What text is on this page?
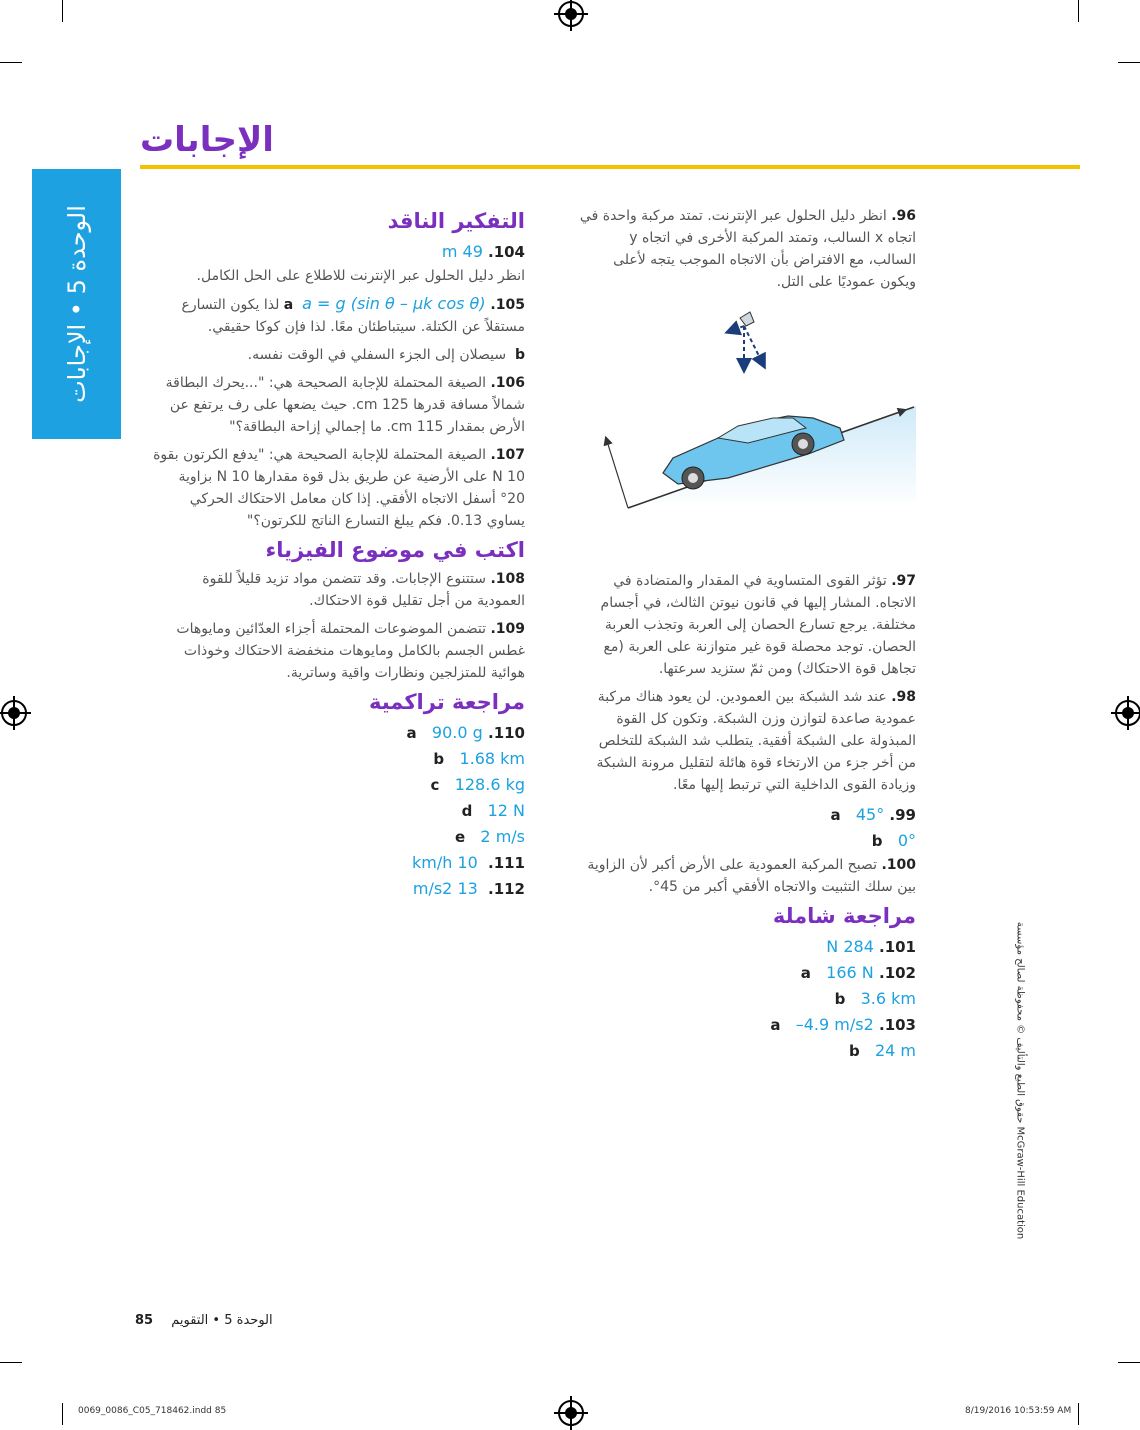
الإجابات
الوحدة 5 • الإجابات	96. انظر دليل الحلول عبر الإنترنت. تمتد مركبة واحدة في اتجاه x السالب، وتمتد المركبة الأخرى في اتجاه y السالب، مع الافتراض بأن الاتجاه الموجب يتجه لأعلى ويكون عموديًا على التل.
97. تؤثر القوى المتساوية في المقدار والمتضادة في الاتجاه. المشار إليها في قانون نيوتن الثالث، في أجسام مختلفة. يرجع تسارع الحصان إلى العربة وتجذب العربة الحصان. توجد محصلة قوة غير متوازنة على العربة (مع تجاهل قوة الاحتكاك) ومن ثمّ ستزيد سرعتها.
98. عند شد الشبكة بين العمودين. لن يعود هناك مركبة عمودية صاعدة لتوازن وزن الشبكة. وتكون كل القوة المبذولة على الشبكة أفقية. يتطلب شد الشبكة للتخلص من أخر جزء من الارتخاء قوة هائلة لتقليل مرونة الشبكة وزيادة القوى الداخلية التي ترتبط إليها معًا.
99. a   45°
b 0°
100. تصبح المركبة العمودية على الأرض أكبر لأن الزاوية بين سلك التثبيت والاتجاه الأفقي أكبر من 45°.
مراجعة شاملة
101. 284 N
102. a   166 N
b 3.6 km
103. a   –4.9 m/s2
b 24 m
التفكير الناقد
104. 49 m
انظر دليل الحلول عبر الإنترنت للاطلاع على الحل الكامل.
105. a  a = g (sin θ – μk cos θ) لذا يكون التسارع مستقلاً عن الكتلة. سيتباطئان معًا. لذا فإن كوكا حقيقي.
b  سيصلان إلى الجزء السفلي في الوقت نفسه.
106. الصيغة المحتملة للإجابة الصحيحة هي: "...يحرك البطاقة شمالاً مسافة قدرها 125 cm. حيث يضعها على رف يرتفع عن الأرض بمقدار 115 cm. ما إجمالي إزاحة البطاقة؟"
107. الصيغة المحتملة للإجابة الصحيحة هي: "يدفع الكرتون بقوة 10 N على الأرضية عن طريق بذل قوة مقدارها 10 N بزاوية 20° أسفل الاتجاه الأفقي. إذا كان معامل الاحتكاك الحركي يساوي 0.13. فكم يبلغ التسارع الناتج للكرتون؟"
اكتب في موضوع الفيزياء
108. ستتنوع الإجابات. وقد تتضمن مواد تزيد قليلاً للقوة العمودية من أجل تقليل قوة الاحتكاك.
109. تتضمن الموضوعات المحتملة أجزاء العدّائين ومايوهات غطس الجسم بالكامل ومايوهات منخفضة الاحتكاك وخوذات هوائية للمتزلجين ونظارات واقية وساترية.
مراجعة تراكمية
110. a   90.0 g
b 1.68 km
c 128.6 kg
d 12 N
e 2 m/s
111.  10 km/h
112.  13 m/s2
حقوق الطبع والتأليف © محفوظة لصالح مؤسسة McGraw-Hill Education
85 الوحدة 5 • التقويم
0069_0086_C05_718462.indd 85	8/19/2016 10:53:59 AM
